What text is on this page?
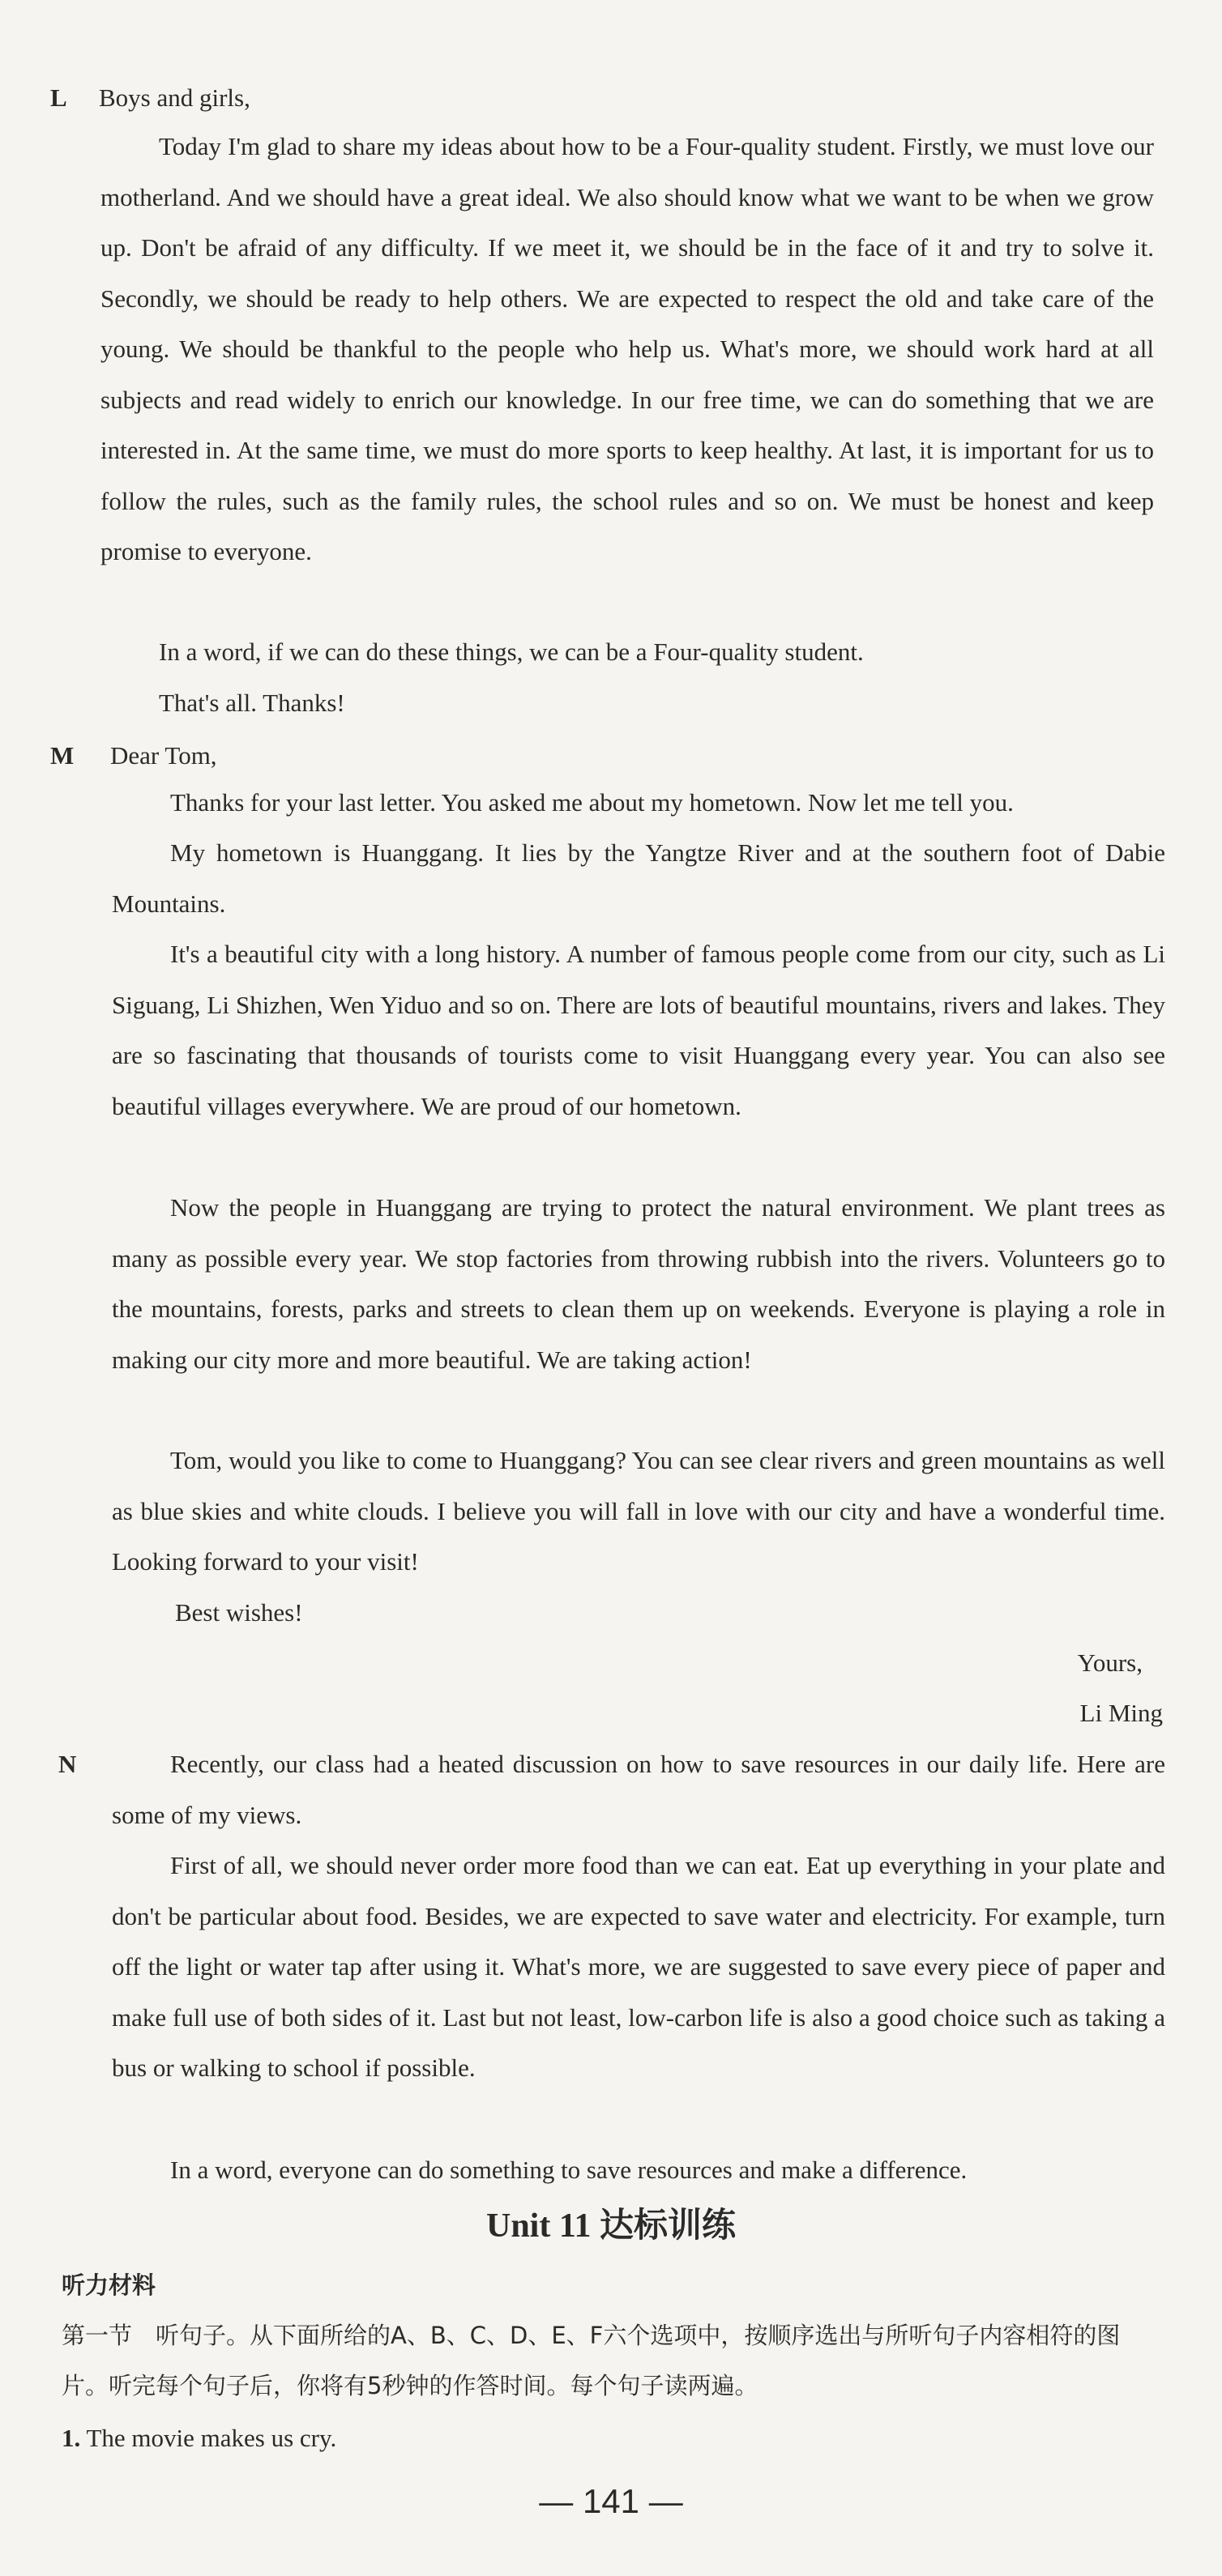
L	Boys and girls,
Today I'm glad to share my ideas about how to be a Four-quality student. Firstly, we must love our motherland. And we should have a great ideal. We also should know what we want to be when we grow up. Don't be afraid of any difficulty. If we meet it, we should be in the face of it and try to solve it. Secondly, we should be ready to help others. We are expected to respect the old and take care of the young. We should be thankful to the people who help us. What's more, we should work hard at all subjects and read widely to enrich our knowledge. In our free time, we can do something that we are interested in. At the same time, we must do more sports to keep healthy. At last, it is important for us to follow the rules, such as the family rules, the school rules and so on. We must be honest and keep promise to everyone.
In a word, if we can do these things, we can be a Four-quality student.
That's all. Thanks!
M	Dear Tom,
Thanks for your last letter. You asked me about my hometown. Now let me tell you.
My hometown is Huanggang. It lies by the Yangtze River and at the southern foot of Dabie Mountains.
It's a beautiful city with a long history. A number of famous people come from our city, such as Li Siguang, Li Shizhen, Wen Yiduo and so on. There are lots of beautiful mountains, rivers and lakes. They are so fascinating that thousands of tourists come to visit Huanggang every year. You can also see beautiful villages everywhere. We are proud of our hometown.
Now the people in Huanggang are trying to protect the natural environment. We plant trees as many as possible every year. We stop factories from throwing rubbish into the rivers. Volunteers go to the mountains, forests, parks and streets to clean them up on weekends. Everyone is playing a role in making our city more and more beautiful. We are taking action!
Tom, would you like to come to Huanggang? You can see clear rivers and green mountains as well as blue skies and white clouds. I believe you will fall in love with our city and have a wonderful time. Looking forward to your visit!
Best wishes!
Yours,
Li Ming
N	Recently, our class had a heated discussion on how to save resources in our daily life. Here are some of my views.
First of all, we should never order more food than we can eat. Eat up everything in your plate and don't be particular about food. Besides, we are expected to save water and electricity. For example, turn off the light or water tap after using it. What's more, we are suggested to save every piece of paper and make full use of both sides of it. Last but not least, low-carbon life is also a good choice such as taking a bus or walking to school if possible.
In a word, everyone can do something to save resources and make a difference.
Unit 11 达标训练
听力材料
第一节　听句子。从下面所给的A、B、C、D、E、F六个选项中，按顺序选出与所听句子内容相符的图片。听完每个句子后，你将有5秒钟的作答时间。每个句子读两遍。
1. The movie makes us cry.
— 141 —
